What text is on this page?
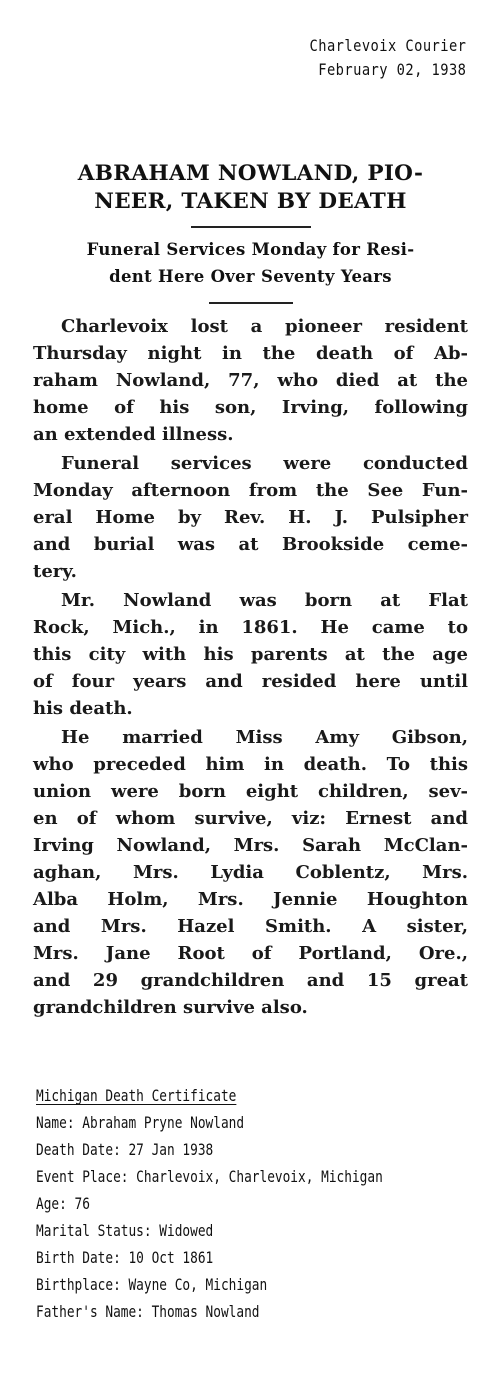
Charlevoix Courier
February 02, 1938
ABRAHAM NOWLAND, PIO-
NEER, TAKEN BY DEATH
Funeral Services Monday for Resi-
dent Here Over Seventy Years
Charlevoix lost a pioneer resident
Thursday night in the death of Ab-
raham Nowland, 77, who died at the
home of his son, Irving, following
an extended illness.
Funeral services were conducted
Monday afternoon from the See Fun-
eral Home by Rev. H. J. Pulsipher
and burial was at Brookside ceme-
tery.
Mr. Nowland was born at Flat
Rock, Mich., in 1861. He came to
this city with his parents at the age
of four years and resided here until
his death.
He married Miss Amy Gibson,
who preceded him in death. To this
union were born eight children, sev-
en of whom survive, viz: Ernest and
Irving Nowland, Mrs. Sarah McClan-
aghan, Mrs. Lydia Coblentz, Mrs.
Alba Holm, Mrs. Jennie Houghton
and Mrs. Hazel Smith. A sister,
Mrs. Jane Root of Portland, Ore.,
and 29 grandchildren and 15 great
grandchildren survive also.
Michigan Death Certificate
Name: Abraham Pryne Nowland
Death Date: 27 Jan 1938
Event Place: Charlevoix, Charlevoix, Michigan
Age: 76
Marital Status: Widowed
Birth Date: 10 Oct 1861
Birthplace: Wayne Co, Michigan
Father's Name: Thomas Nowland
